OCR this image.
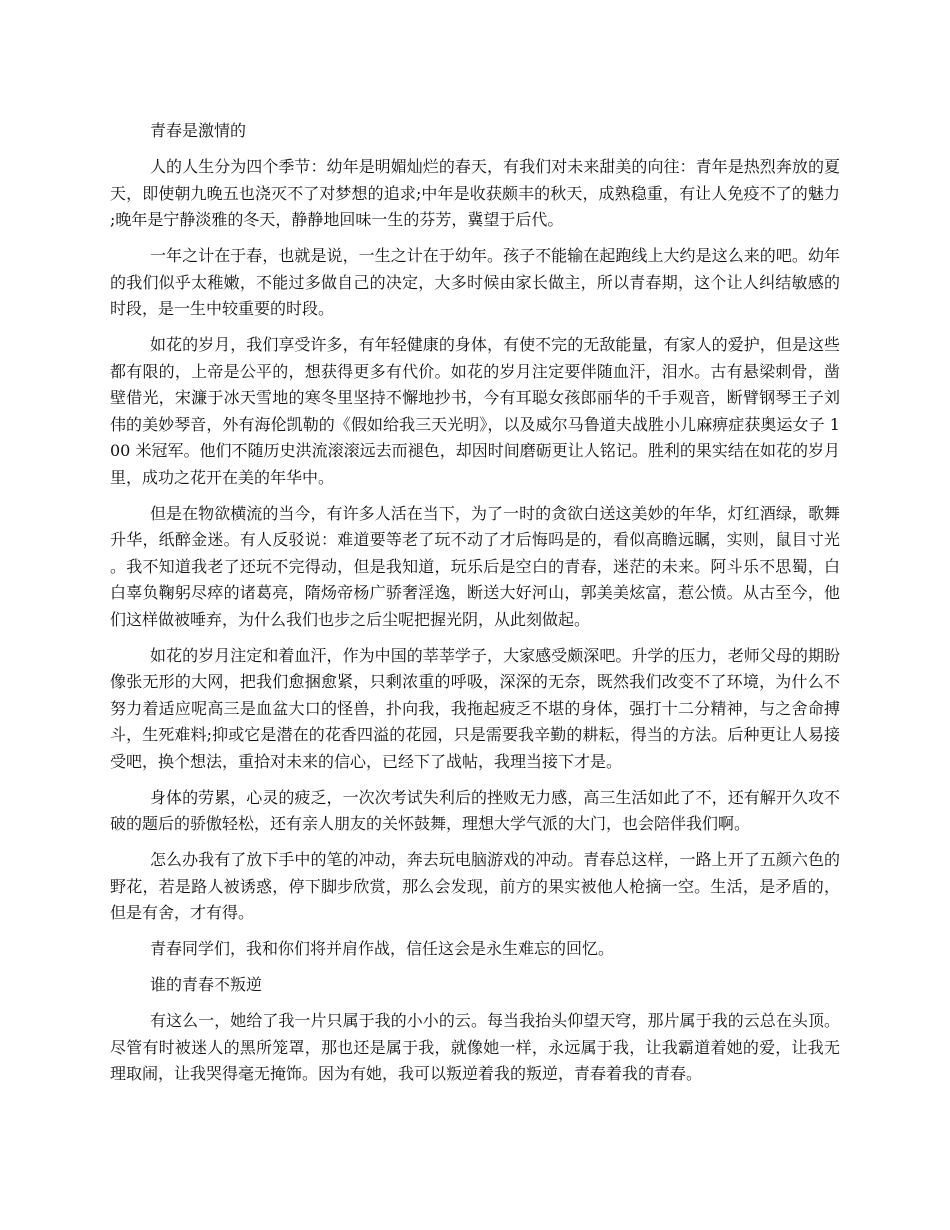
青春是激情的

人的人生分为四个季节：幼年是明媚灿烂的春天，有我们对未来甜美的向往：青年是热烈奔放的夏天，即使朝九晚五也浇灭不了对梦想的追求;中年是收获颇丰的秋天，成熟稳重，有让人免疫不了的魅力;晚年是宁静淡雅的冬天，静静地回味一生的芬芳，冀望于后代。

一年之计在于春，也就是说，一生之计在于幼年。孩子不能输在起跑线上大约是这么来的吧。幼年的我们似乎太稚嫩，不能过多做自己的决定，大多时候由家长做主，所以青春期，这个让人纠结敏感的时段，是一生中较重要的时段。

如花的岁月，我们享受许多，有年轻健康的身体，有使不完的无敌能量，有家人的爱护，但是这些都有限的，上帝是公平的，想获得更多有代价。如花的岁月注定要伴随血汗，泪水。古有悬梁刺骨，凿壁借光，宋濂于冰天雪地的寒冬里坚持不懈地抄书，今有耳聪女孩郎丽华的千手观音，断臂钢琴王子刘伟的美妙琴音，外有海伦凯勒的《假如给我三天光明》，以及威尔马鲁道夫战胜小儿麻痹症获奥运女子 100 米冠军。他们不随历史洪流滚滚远去而褪色，却因时间磨砺更让人铭记。胜利的果实结在如花的岁月里，成功之花开在美的年华中。

但是在物欲横流的当今，有许多人活在当下，为了一时的贪欲白送这美妙的年华，灯红酒绿，歌舞升华，纸醉金迷。有人反驳说：难道要等老了玩不动了才后悔吗是的，看似高瞻远瞩，实则，鼠目寸光。我不知道我老了还玩不完得动，但是我知道，玩乐后是空白的青春，迷茫的未来。阿斗乐不思蜀，白白辜负鞠躬尽瘁的诸葛亮，隋炀帝杨广骄奢淫逸，断送大好河山，郭美美炫富，惹公愤。从古至今，他们这样做被唾弃，为什么我们也步之后尘呢把握光阴，从此刻做起。

如花的岁月注定和着血汗，作为中国的莘莘学子，大家感受颇深吧。升学的压力，老师父母的期盼像张无形的大网，把我们愈捆愈紧，只剩浓重的呼吸，深深的无奈，既然我们改变不了环境，为什么不努力着适应呢高三是血盆大口的怪兽，扑向我，我拖起疲乏不堪的身体，强打十二分精神，与之舍命搏斗，生死难料;抑或它是潜在的花香四溢的花园，只是需要我辛勤的耕耘，得当的方法。后种更让人易接受吧，换个想法，重拾对未来的信心，已经下了战帖，我理当接下才是。

身体的劳累，心灵的疲乏，一次次考试失利后的挫败无力感，高三生活如此了不，还有解开久攻不破的题后的骄傲轻松，还有亲人朋友的关怀鼓舞，理想大学气派的大门，也会陪伴我们啊。

怎么办我有了放下手中的笔的冲动，奔去玩电脑游戏的冲动。青春总这样，一路上开了五颜六色的野花，若是路人被诱惑，停下脚步欣赏，那么会发现，前方的果实被他人枪摘一空。生活，是矛盾的，但是有舍，才有得。

青春同学们，我和你们将并肩作战，信任这会是永生难忘的回忆。

谁的青春不叛逆

有这么一，她给了我一片只属于我的小小的云。每当我抬头仰望天穹，那片属于我的云总在头顶。尽管有时被迷人的黑所笼罩，那也还是属于我，就像她一样，永远属于我，让我霸道着她的爱，让我无理取闹，让我哭得毫无掩饰。因为有她，我可以叛逆着我的叛逆，青春着我的青春。
